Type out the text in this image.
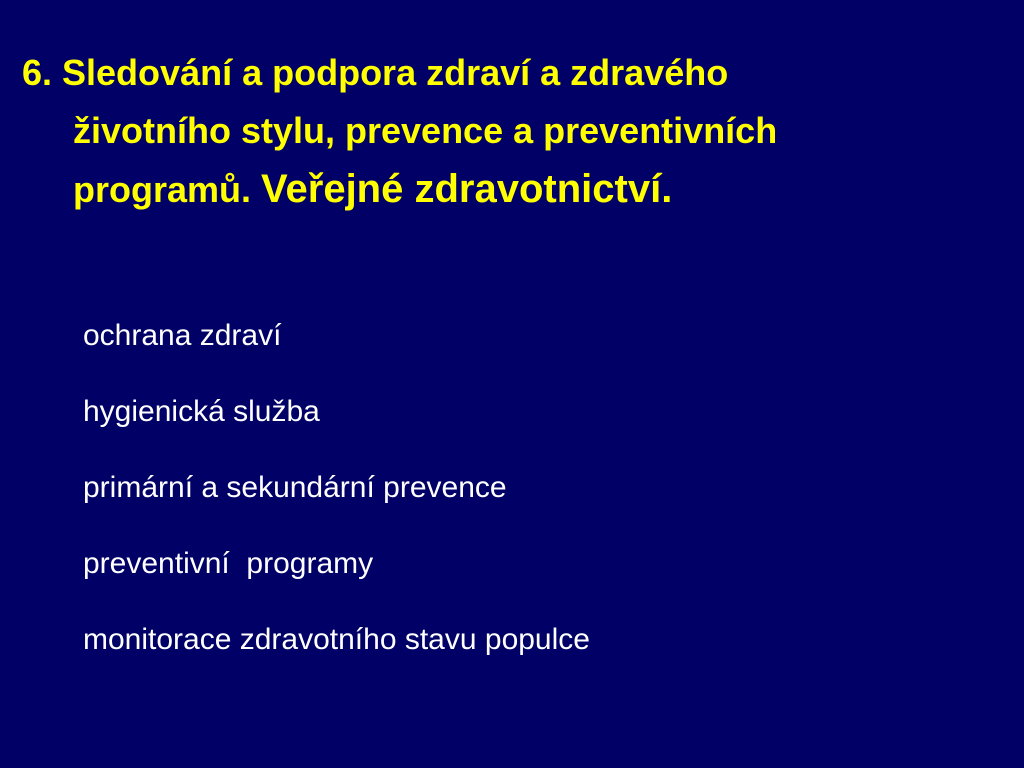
6. Sledování a podpora zdraví a zdravého
životního stylu, prevence a preventivních
programů. Veřejné zdravotnictví.
ochrana zdraví
hygienická služba
primární a sekundární prevence
preventivní  programy
monitorace zdravotního stavu populce
